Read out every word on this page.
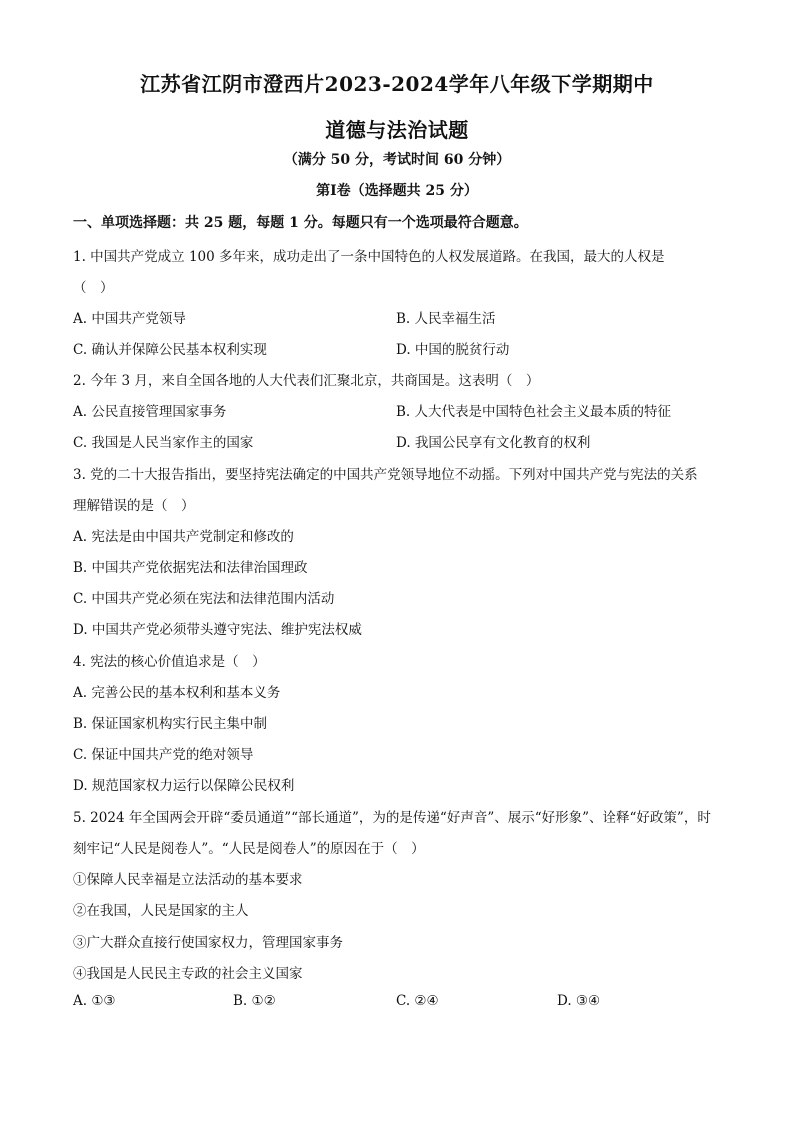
江苏省江阴市澄西片2023-2024学年八年级下学期期中
道德与法治试题
（满分 50 分，考试时间 60 分钟）
第Ⅰ卷（选择题共 25 分）
一、单项选择题：共 25 题，每题 1 分。每题只有一个选项最符合题意。
1. 中国共产党成立 100 多年来，成功走出了一条中国特色的人权发展道路。在我国，最大的人权是
（　）
A. 中国共产党领导	B. 人民幸福生活
C. 确认并保障公民基本权利实现	D. 中国的脱贫行动
2. 今年 3 月，来自全国各地的人大代表们汇聚北京，共商国是。这表明（　）
A. 公民直接管理国家事务	B. 人大代表是中国特色社会主义最本质的特征
C. 我国是人民当家作主的国家	D. 我国公民享有文化教育的权利
3. 党的二十大报告指出，要坚持宪法确定的中国共产党领导地位不动摇。下列对中国共产党与宪法的关系
理解错误的是（　）
A. 宪法是由中国共产党制定和修改的
B. 中国共产党依据宪法和法律治国理政
C. 中国共产党必须在宪法和法律范围内活动
D. 中国共产党必须带头遵守宪法、维护宪法权威
4. 宪法的核心价值追求是（　）
A. 完善公民的基本权利和基本义务
B. 保证国家机构实行民主集中制
C. 保证中国共产党的绝对领导
D. 规范国家权力运行以保障公民权利
5. 2024 年全国两会开辟“委员通道”“部长通道”，为的是传递“好声音”、展示“好形象”、诠释“好政策”，时
刻牢记“人民是阅卷人”。“人民是阅卷人”的原因在于（　）
①保障人民幸福是立法活动的基本要求
②在我国，人民是国家的主人
③广大群众直接行使国家权力，管理国家事务
④我国是人民民主专政的社会主义国家
A. ①③	B. ①②	C. ②④	D. ③④
